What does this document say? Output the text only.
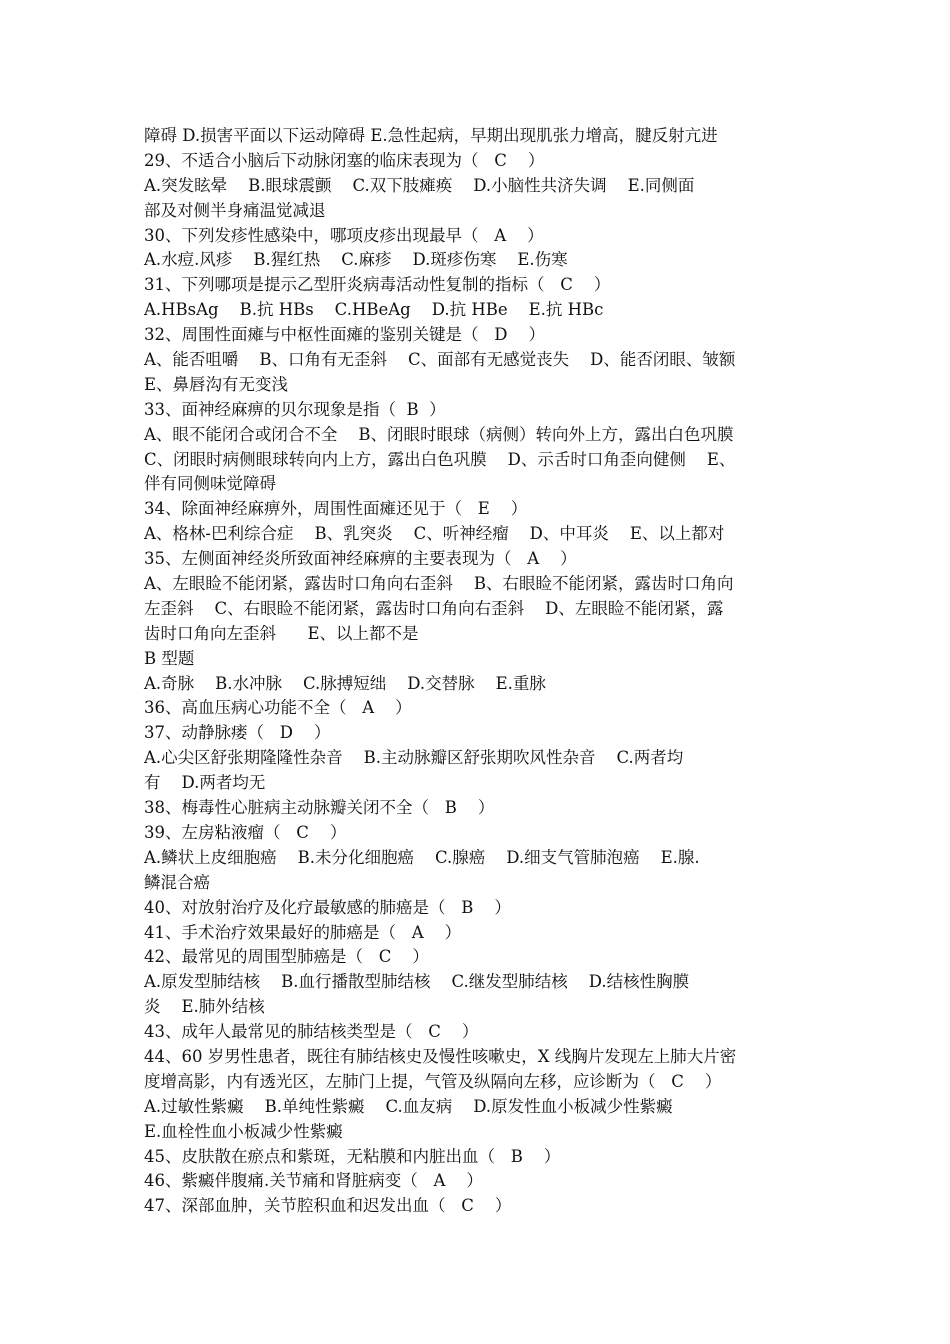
障碍 D.损害平面以下运动障碍 E.急性起病，早期出现肌张力增高，腱反射亢进
29、不适合小脑后下动脉闭塞的临床表现为（   C    ）
A.突发眩晕    B.眼球震颤    C.双下肢瘫痪    D.小脑性共济失调    E.同侧面
部及对侧半身痛温觉减退
30、下列发疹性感染中，哪项皮疹出现最早（   A    ）
A.水痘.风疹    B.猩红热    C.麻疹    D.斑疹伤寒    E.伤寒
31、下列哪项是提示乙型肝炎病毒活动性复制的指标（   C    ）
A.HBsAg    B.抗 HBs    C.HBeAg    D.抗 HBe    E.抗 HBc
32、周围性面瘫与中枢性面瘫的鉴别关键是（   D    ）
A、能否咀嚼    B、口角有无歪斜    C、面部有无感觉丧失    D、能否闭眼、皱额
E、鼻唇沟有无变浅
33、面神经麻痹的贝尔现象是指（  B  ）
A、眼不能闭合或闭合不全    B、闭眼时眼球（病侧）转向外上方，露出白色巩膜
C、闭眼时病侧眼球转向内上方，露出白色巩膜    D、示舌时口角歪向健侧    E、
伴有同侧味觉障碍
34、除面神经麻痹外，周围性面瘫还见于（   E    ）
A、格林-巴利综合症    B、乳突炎    C、听神经瘤    D、中耳炎    E、以上都对
35、左侧面神经炎所致面神经麻痹的主要表现为（   A    ）
A、左眼睑不能闭紧，露齿时口角向右歪斜    B、右眼睑不能闭紧，露齿时口角向
左歪斜    C、右眼睑不能闭紧，露齿时口角向右歪斜    D、左眼睑不能闭紧，露
齿时口角向左歪斜      E、以上都不是
B 型题
A.奇脉    B.水冲脉    C.脉搏短绌    D.交替脉    E.重脉
36、高血压病心功能不全（   A    ）
37、动静脉瘘（   D    ）
A.心尖区舒张期隆隆性杂音    B.主动脉瓣区舒张期吹风性杂音    C.两者均
有    D.两者均无
38、梅毒性心脏病主动脉瓣关闭不全（   B    ）
39、左房粘液瘤（   C    ）
A.鳞状上皮细胞癌    B.未分化细胞癌    C.腺癌    D.细支气管肺泡癌    E.腺.
鳞混合癌
40、对放射治疗及化疗最敏感的肺癌是（   B    ）
41、手术治疗效果最好的肺癌是（   A    ）
42、最常见的周围型肺癌是（   C    ）
A.原发型肺结核    B.血行播散型肺结核    C.继发型肺结核    D.结核性胸膜
炎    E.肺外结核
43、成年人最常见的肺结核类型是（   C    ）
44、60 岁男性患者，既往有肺结核史及慢性咳嗽史，X 线胸片发现左上肺大片密
度增高影，内有透光区，左肺门上提，气管及纵隔向左移，应诊断为（   C    ）
A.过敏性紫癜    B.单纯性紫癜    C.血友病    D.原发性血小板减少性紫癜
E.血栓性血小板减少性紫癜
45、皮肤散在瘀点和紫斑，无粘膜和内脏出血（   B    ）
46、紫癜伴腹痛.关节痛和肾脏病变（   A    ）
47、深部血肿，关节腔积血和迟发出血（   C    ）
